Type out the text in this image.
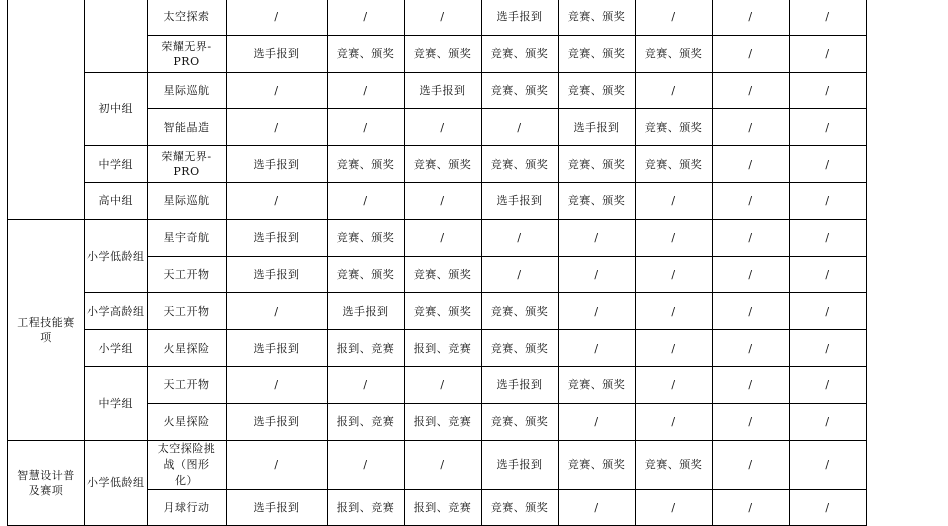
		太空探索	/	/	/	选手报到	竞赛、颁奖	/	/	/
		荣耀无界-PRO	选手报到	竞赛、颁奖	竞赛、颁奖	竞赛、颁奖	竞赛、颁奖	竞赛、颁奖	/	/
	初中组	星际巡航	/	/	选手报到	竞赛、颁奖	竞赛、颁奖	/	/	/
		智能晶造	/	/	/	/	选手报到	竞赛、颁奖	/	/
	中学组	荣耀无界-PRO	选手报到	竞赛、颁奖	竞赛、颁奖	竞赛、颁奖	竞赛、颁奖	竞赛、颁奖	/	/
	高中组	星际巡航	/	/	/	选手报到	竞赛、颁奖	/	/	/
工程技能赛项	小学低龄组	星宇奇航	选手报到	竞赛、颁奖	/	/	/	/	/	/
		天工开物	选手报到	竞赛、颁奖	竞赛、颁奖	/	/	/	/	/
	小学高龄组	天工开物	/	选手报到	竞赛、颁奖	竞赛、颁奖	/	/	/	/
	小学组	火星探险	选手报到	报到、竞赛	报到、竞赛	竞赛、颁奖	/	/	/	/
	中学组	天工开物	/	/	/	选手报到	竞赛、颁奖	/	/	/
		火星探险	选手报到	报到、竞赛	报到、竞赛	竞赛、颁奖	/	/	/	/
智慧设计普及赛项	小学低龄组	太空探险挑战（图形化）	/	/	/	选手报到	竞赛、颁奖	竞赛、颁奖	/	/
		月球行动	选手报到	报到、竞赛	报到、竞赛	竞赛、颁奖	/	/	/	/
